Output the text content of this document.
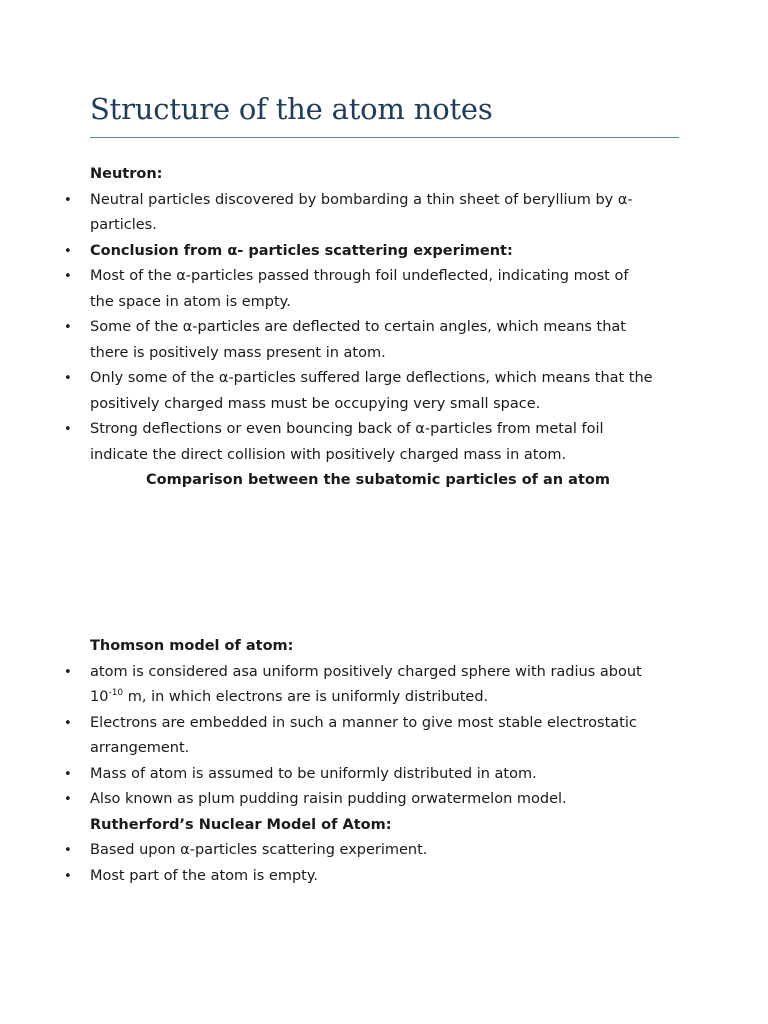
Structure of the atom notes
Neutron:
• Neutral particles discovered by bombarding a thin sheet of beryllium by α-
particles.
• Conclusion from α- particles scattering experiment:
• Most of the α-particles passed through foil undeflected, indicating most of
the space in atom is empty.
• Some of the α-particles are deflected to certain angles, which means that
there is positively mass present in atom.
• Only some of the α-particles suffered large deflections, which means that the
positively charged mass must be occupying very small space.
• Strong deflections or even bouncing back of α-particles from metal foil
indicate the direct collision with positively charged mass in atom.
Comparison between the subatomic particles of an atom
Thomson model of atom:
• atom is considered asa uniform positively charged sphere with radius about
$10^{-10}$ m, in which electrons are is uniformly distributed.
• Electrons are embedded in such a manner to give most stable electrostatic
arrangement.
• Mass of atom is assumed to be uniformly distributed in atom.
• Also known as plum pudding raisin pudding orwatermelon model.
Rutherford’s Nuclear Model of Atom:
• Based upon α-particles scattering experiment.
• Most part of the atom is empty.
